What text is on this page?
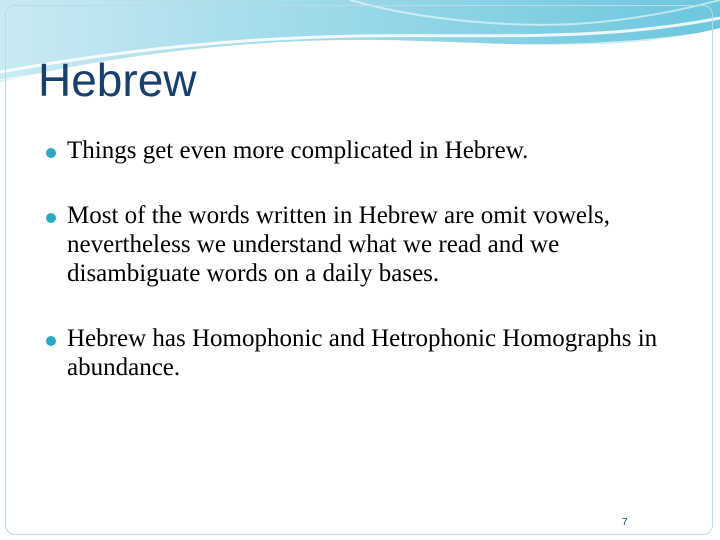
Hebrew
Things get even more complicated in Hebrew.
Most of the words written in Hebrew are omit vowels, nevertheless we understand what we read and we disambiguate words on a daily bases.
Hebrew has Homophonic and Hetrophonic Homographs in abundance.
7
